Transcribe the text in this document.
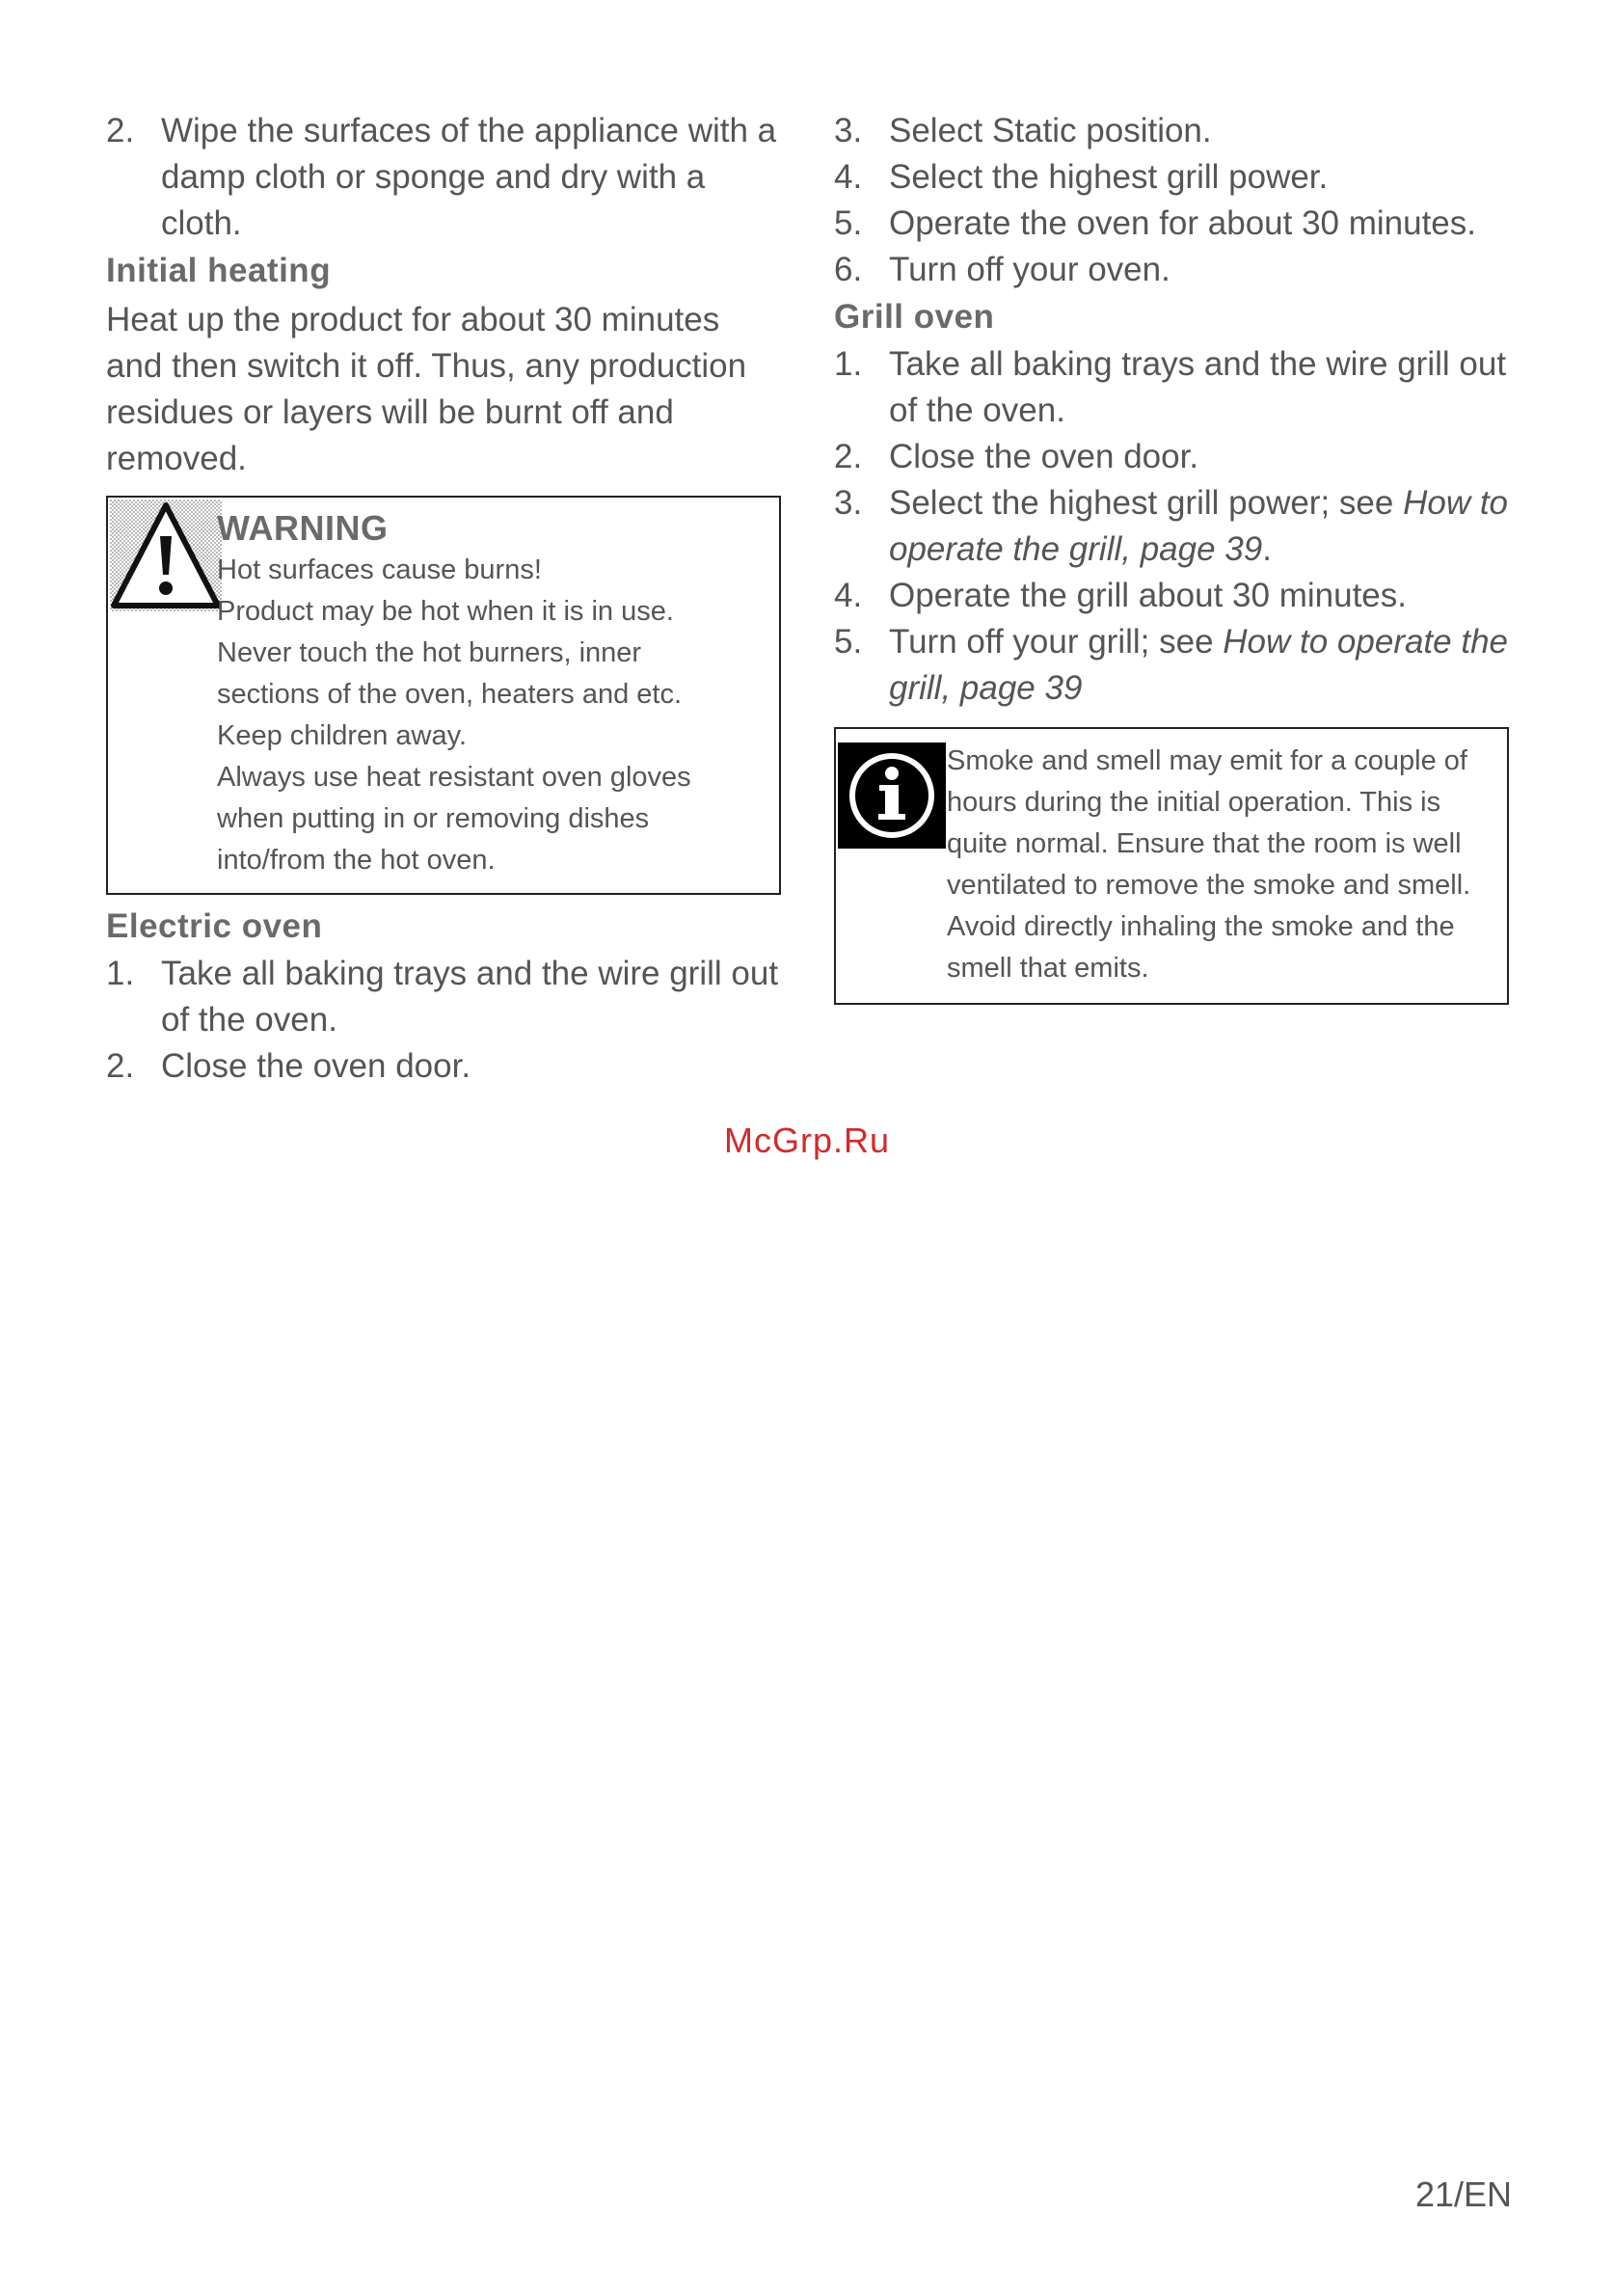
2. Wipe the surfaces of the appliance with a damp cloth or sponge and dry with a cloth.
Initial heating

Heat up the product for about 30 minutes and then switch it off. Thus, any production residues or layers will be burnt off and removed.

WARNING
Hot surfaces cause burns!
Product may be hot when it is in use.
Never touch the hot burners, inner
sections of the oven, heaters and etc.
Keep children away.
Always use heat resistant oven gloves
when putting in or removing dishes
into/from the hot oven.
Electric oven
1. Take all baking trays and the wire grill out of the oven.
2. Close the oven door.
3. Select Static position.
4. Select the highest grill power.
5. Operate the oven for about 30 minutes.
6. Turn off your oven.
Grill oven
1. Take all baking trays and the wire grill out of the oven.
2. Close the oven door.
3. Select the highest grill power; see How to operate the grill, page 39.
4. Operate the grill about 30 minutes.
5. Turn off your grill; see How to operate the grill, page 39
Smoke and smell may emit for a couple of hours during the initial operation. This is quite normal. Ensure that the room is well ventilated to remove the smoke and smell. Avoid directly inhaling the smoke and the smell that emits.
McGrp.Ru
21/EN
